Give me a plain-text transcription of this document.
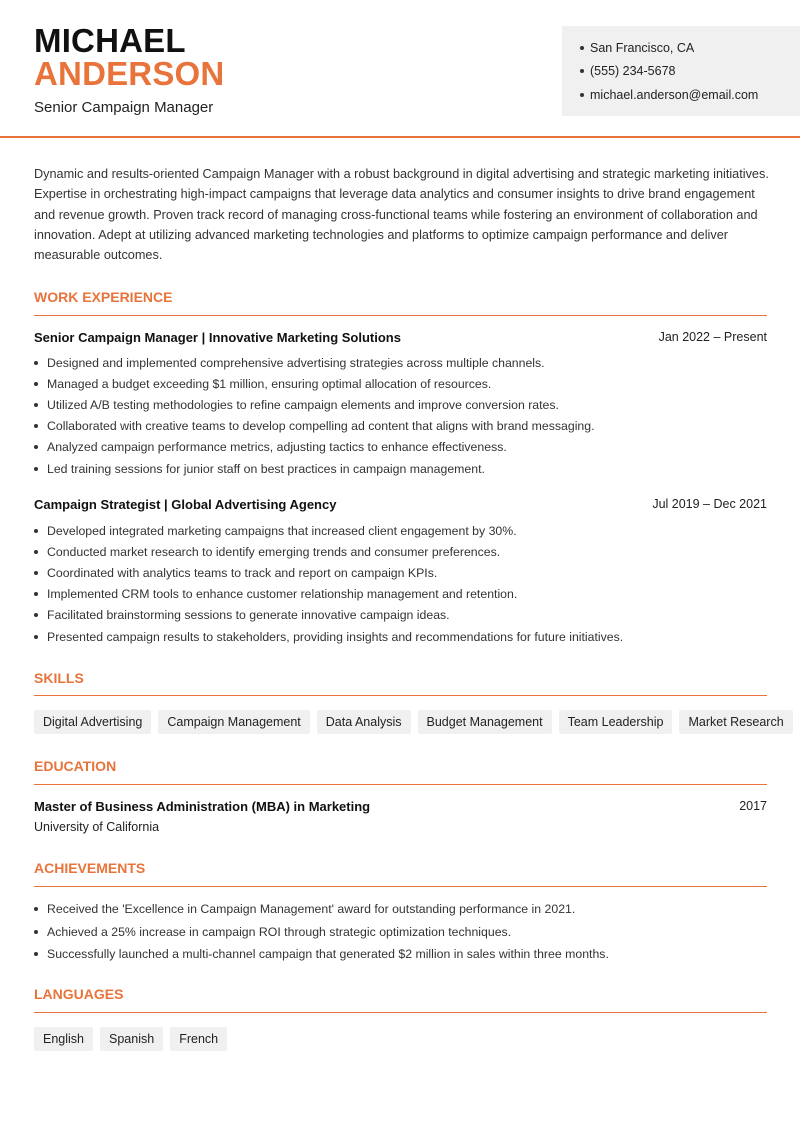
MICHAEL
ANDERSON
Senior Campaign Manager
San Francisco, CA
(555) 234-5678
michael.anderson@email.com
Dynamic and results-oriented Campaign Manager with a robust background in digital advertising and strategic marketing initiatives. Expertise in orchestrating high-impact campaigns that leverage data analytics and consumer insights to drive brand engagement and revenue growth. Proven track record of managing cross-functional teams while fostering an environment of collaboration and innovation. Adept at utilizing advanced marketing technologies and platforms to optimize campaign performance and deliver measurable outcomes.
WORK EXPERIENCE
Senior Campaign Manager | Innovative Marketing Solutions	Jan 2022 – Present
Designed and implemented comprehensive advertising strategies across multiple channels.
Managed a budget exceeding $1 million, ensuring optimal allocation of resources.
Utilized A/B testing methodologies to refine campaign elements and improve conversion rates.
Collaborated with creative teams to develop compelling ad content that aligns with brand messaging.
Analyzed campaign performance metrics, adjusting tactics to enhance effectiveness.
Led training sessions for junior staff on best practices in campaign management.
Campaign Strategist | Global Advertising Agency	Jul 2019 – Dec 2021
Developed integrated marketing campaigns that increased client engagement by 30%.
Conducted market research to identify emerging trends and consumer preferences.
Coordinated with analytics teams to track and report on campaign KPIs.
Implemented CRM tools to enhance customer relationship management and retention.
Facilitated brainstorming sessions to generate innovative campaign ideas.
Presented campaign results to stakeholders, providing insights and recommendations for future initiatives.
SKILLS
Digital Advertising	Campaign Management	Data Analysis	Budget Management	Team Leadership	Market Research
EDUCATION
Master of Business Administration (MBA) in Marketing	2017
University of California
ACHIEVEMENTS
Received the 'Excellence in Campaign Management' award for outstanding performance in 2021.
Achieved a 25% increase in campaign ROI through strategic optimization techniques.
Successfully launched a multi-channel campaign that generated $2 million in sales within three months.
LANGUAGES
English	Spanish	French
